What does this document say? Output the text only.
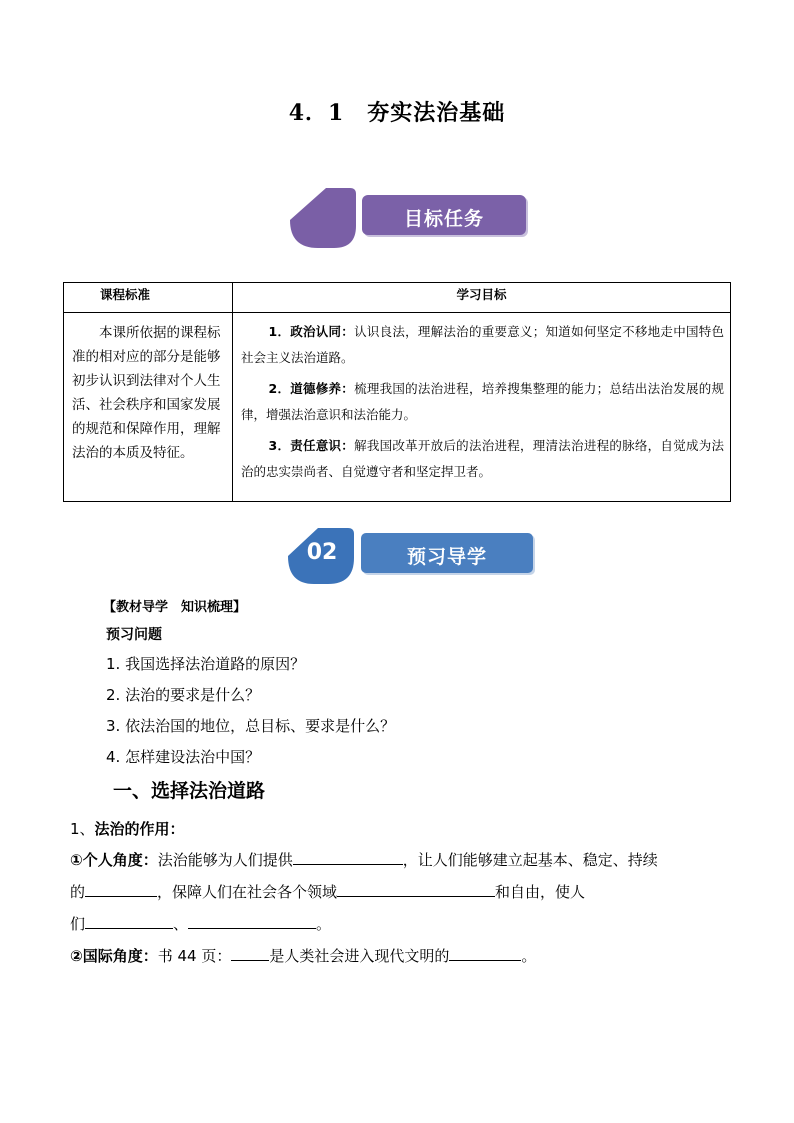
4．1　夯实法治基础
目标任务
课程标准	学习目标
本课所依据的课程标准的相对应的部分是能够初步认识到法律对个人生活、社会秩序和国家发展的规范和保障作用，理解法治的本质及特征。	1．政治认同：认识良法，理解法治的重要意义；知道如何坚定不移地走中国特色社会主义法治道路。

2．道德修养：梳理我国的法治进程，培养搜集整理的能力；总结出法治发展的规律，增强法治意识和法治能力。

3．责任意识：解我国改革开放后的法治进程，理清法治进程的脉络，自觉成为法治的忠实崇尚者、自觉遵守者和坚定捍卫者。

02	预习导学
【教材导学　知识梳理】
预习问题
1. 我国选择法治道路的原因？
2. 法治的要求是什么？
3. 依法治国的地位，总目标、要求是什么？
4. 怎样建设法治中国？
一、选择法治道路

1、法治的作用：

①个人角度：法治能够为人们提供	，让人们能够建立起基本、稳定、持续

的	，保障人们在社会各个领域	和自由，使人

们	、	。

②国际角度：书 44 页：	是人类社会进入现代文明的	。
